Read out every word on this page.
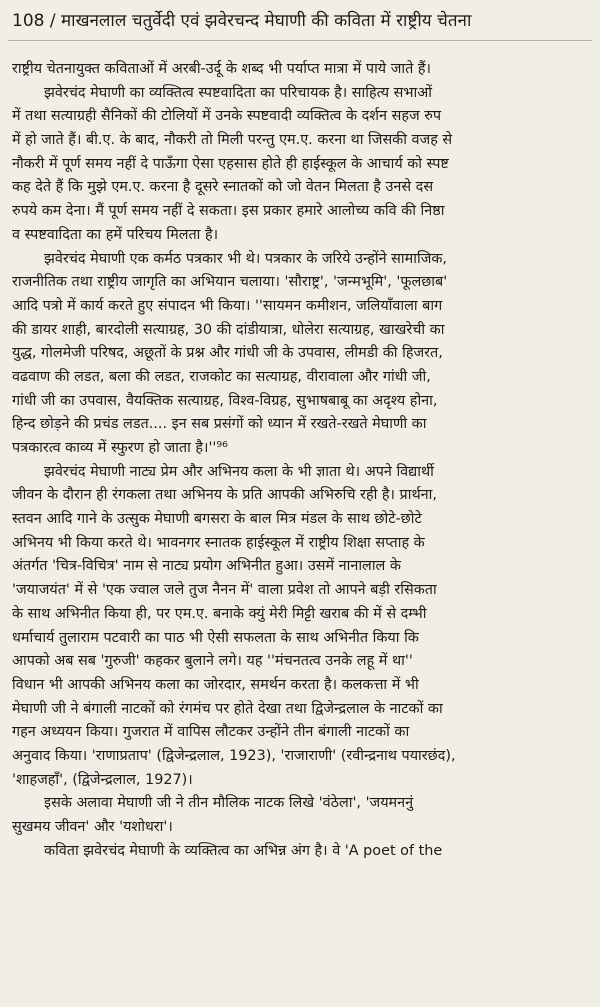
108 / माखनलाल चतुर्वेदी एवं झवेरचन्द मेघाणी की कविता में राष्ट्रीय चेतना
राष्ट्रीय चेतनायुक्त कविताओं में अरबी-उर्दू के शब्द भी पर्याप्त मात्रा में पाये जाते हैं।
झवेरचंद मेघाणी का व्यक्तित्व स्पष्टवादिता का परिचायक है। साहित्य सभाओं
में तथा सत्याग्रही सैनिकों की टोलियों में उनके स्पष्टवादी व्यक्तित्व के दर्शन सहज रुप
में हो जाते हैं। बी.ए. के बाद, नौकरी तो मिली परन्तु एम.ए. करना था जिसकी वजह से
नौकरी में पूर्ण समय नहीं दे पाऊँगा ऐसा एहसास होते ही हाईस्कूल के आचार्य को स्पष्ट
कह देते हैं कि मुझे एम.ए. करना है दूसरे स्नातकों को जो वेतन मिलता है उनसे दस
रुपये कम देना। मैं पूर्ण समय नहीं दे सकता। इस प्रकार हमारे आलोच्य कवि की निष्ठा
व स्पष्टवादिता का हमें परिचय मिलता है।
झवेरचंद मेघाणी एक कर्मठ पत्रकार भी थे। पत्रकार के जरिये उन्होंने सामाजिक,
राजनीतिक तथा राष्ट्रीय जागृति का अभियान चलाया। 'सौराष्ट्र', 'जन्मभूमि', 'फूलछाब'
आदि पत्रो में कार्य करते हुए संपादन भी किया। ''सायमन कमीशन, जलियाँवाला बाग
की डायर शाही, बारदोली सत्याग्रह, 30 की दांडीयात्रा, धोलेरा सत्याग्रह, खाखरेची का
युद्ध, गोलमेजी परिषद, अछूतों के प्रश्न और गांधी जी के उपवास, लीमडी की हिजरत,
वढवाण की लडत, बला की लडत, राजकोट का सत्याग्रह, वीरावाला और गांधी जी,
गांधी जी का उपवास, वैयक्तिक सत्याग्रह, विश्व-विग्रह, सुभाषबाबू का अदृश्य होना,
हिन्द छोड़ने की प्रचंड लडत.... इन सब प्रसंगों को ध्यान में रखते-रखते मेघाणी का
पत्रकारत्व काव्य में स्फुरण हो जाता है।''⁹⁶
झवेरचंद मेघाणी नाट्य प्रेम और अभिनय कला के भी ज्ञाता थे। अपने विद्यार्थी
जीवन के दौरान ही रंगकला तथा अभिनय के प्रति आपकी अभिरुचि रही है। प्रार्थना,
स्तवन आदि गाने के उत्सुक मेघाणी बगसरा के बाल मित्र मंडल के साथ छोटे-छोटे
अभिनय भी किया करते थे। भावनगर स्नातक हाईस्कूल में राष्ट्रीय शिक्षा सप्ताह के
अंतर्गत 'चित्र-विचित्र' नाम से नाट्य प्रयोग अभिनीत हुआ। उसमें नानालाल के
'जयाजयंत' में से 'एक ज्वाल जले तुज नैनन में' वाला प्रवेश तो आपने बड़ी रसिकता
के साथ अभिनीत किया ही, पर एम.ए. बनाके क्युं मेरी मिट्टी खराब की में से दम्भी
धर्माचार्य तुलाराम पटवारी का पाठ भी ऐसी सफलता के साथ अभिनीत किया कि
आपको अब सब 'गुरुजी' कहकर बुलाने लगे। यह ''मंचनतत्व उनके लहू में था''
विधान भी आपकी अभिनय कला का जोरदार, समर्थन करता है। कलकत्ता में भी
मेघाणी जी ने बंगाली नाटकों को रंगमंच पर होते देखा तथा द्विजेन्द्रलाल के नाटकों का
गहन अध्ययन किया। गुजरात में वापिस लौटकर उन्होंने तीन बंगाली नाटकों का
अनुवाद किया। 'राणाप्रताप' (द्विजेन्द्रलाल, 1923), 'राजाराणी' (रवीन्द्रनाथ पयारछंद),
'शाहजहाँ', (द्विजेन्द्रलाल, 1927)।
इसके अलावा मेघाणी जी ने तीन मौलिक नाटक लिखे 'वंठेला', 'जयमननुं
सुखमय जीवन' और 'यशोधरा'।
कविता झवेरचंद मेघाणी के व्यक्तित्व का अभिन्न अंग है। वे 'A poet of the
